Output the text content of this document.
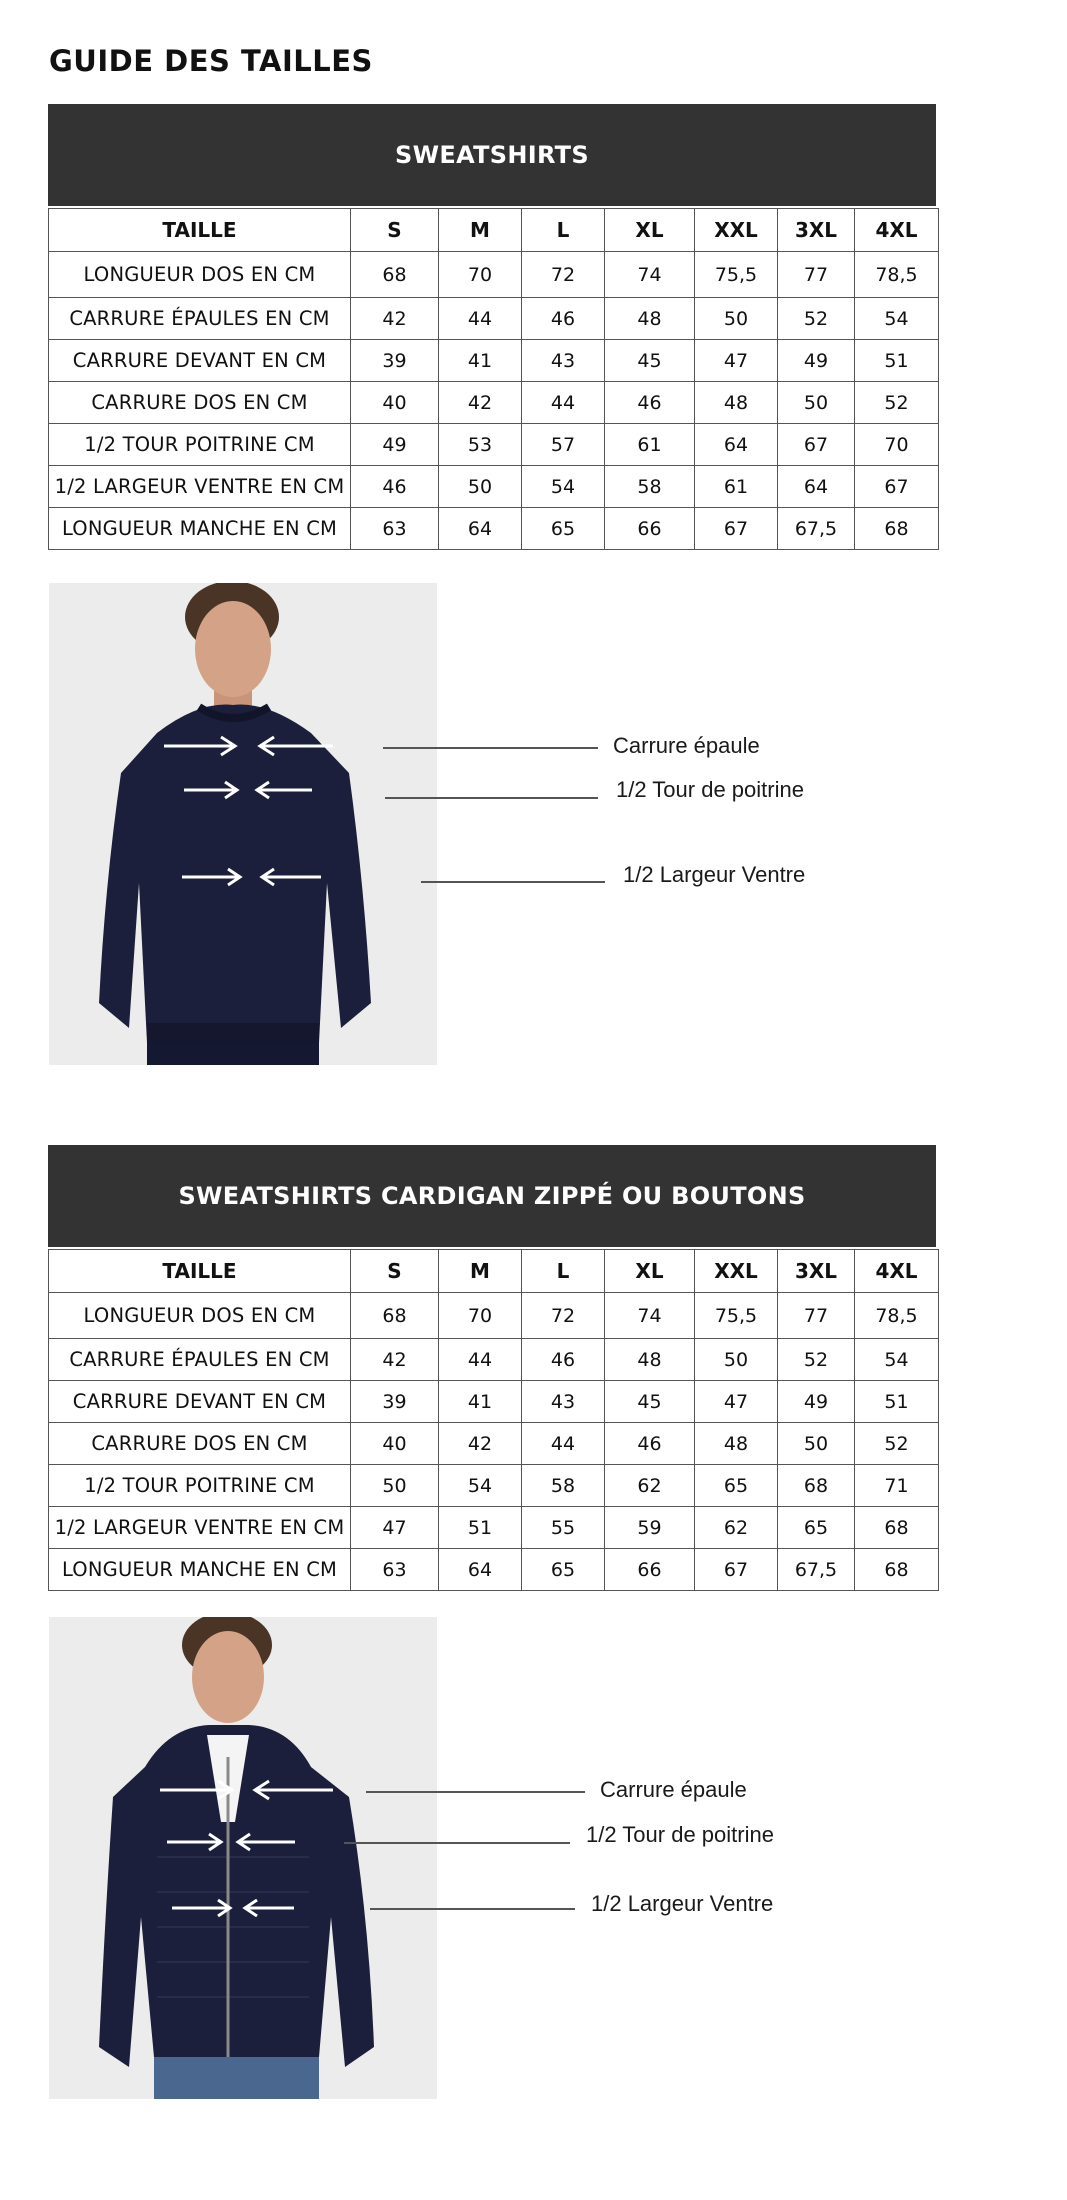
GUIDE DES TAILLES
SWEATSHIRTS
TAILLE	S	M	L	XL	XXL	3XL	4XL
LONGUEUR DOS EN CM	68	70	72	74	75,5	77	78,5
CARRURE ÉPAULES EN CM	42	44	46	48	50	52	54
CARRURE DEVANT EN CM	39	41	43	45	47	49	51
CARRURE DOS EN CM	40	42	44	46	48	50	52
1/2 TOUR POITRINE CM	49	53	57	61	64	67	70
1/2 LARGEUR VENTRE EN CM	46	50	54	58	61	64	67
LONGUEUR MANCHE EN CM	63	64	65	66	67	67,5	68
Carrure épaule
1/2 Tour de poitrine
1/2 Largeur Ventre
SWEATSHIRTS CARDIGAN ZIPPÉ OU BOUTONS
TAILLE	S	M	L	XL	XXL	3XL	4XL
LONGUEUR DOS EN CM	68	70	72	74	75,5	77	78,5
CARRURE ÉPAULES EN CM	42	44	46	48	50	52	54
CARRURE DEVANT EN CM	39	41	43	45	47	49	51
CARRURE DOS EN CM	40	42	44	46	48	50	52
1/2 TOUR POITRINE CM	50	54	58	62	65	68	71
1/2 LARGEUR VENTRE EN CM	47	51	55	59	62	65	68
LONGUEUR MANCHE EN CM	63	64	65	66	67	67,5	68
Carrure épaule
1/2 Tour de poitrine
1/2 Largeur Ventre
